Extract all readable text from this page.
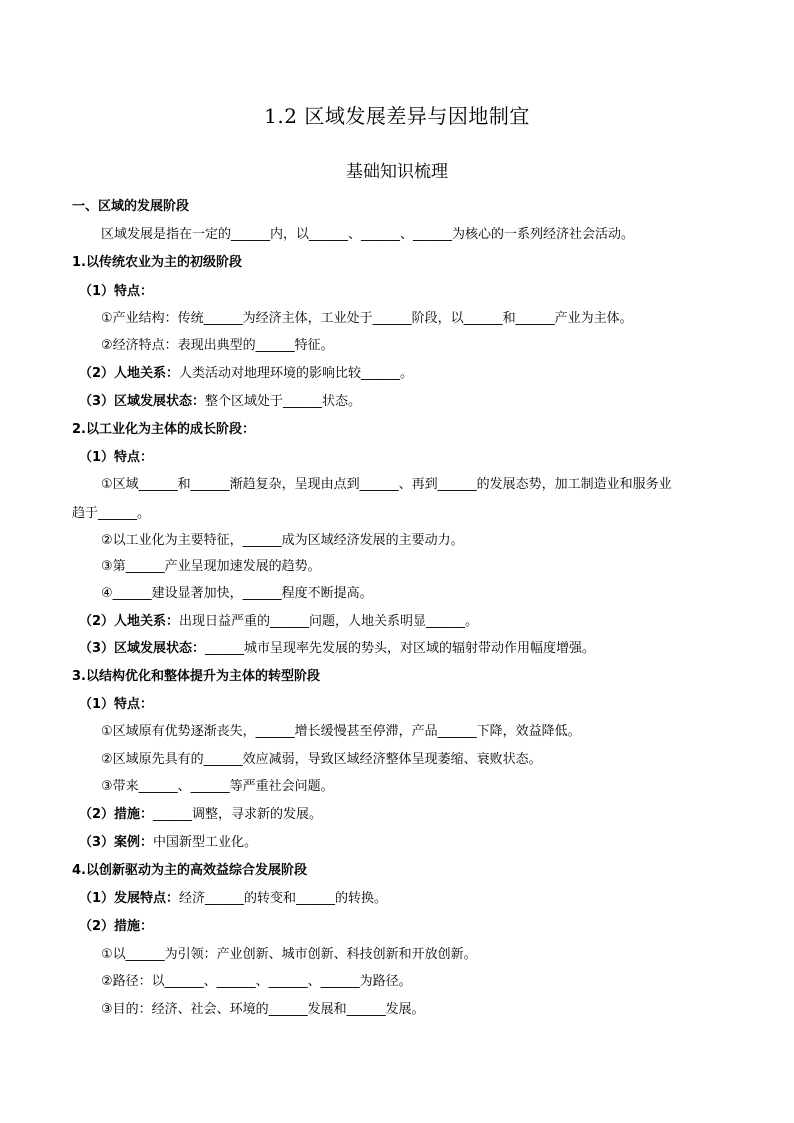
1.2 区域发展差异与因地制宜
基础知识梳理
一、区域的发展阶段
区域发展是指在一定的______内，以______、______、______为核心的一系列经济社会活动。
1.以传统农业为主的初级阶段
（1）特点：
①产业结构：传统______为经济主体，工业处于______阶段，以______和______产业为主体。
②经济特点：表现出典型的______特征。
（2）人地关系：人类活动对地理环境的影响比较______。
（3）区域发展状态：整个区域处于______状态。
2.以工业化为主体的成长阶段：
（1）特点：
①区域______和______渐趋复杂，呈现由点到______、再到______的发展态势，加工制造业和服务业
趋于______。
②以工业化为主要特征，______成为区域经济发展的主要动力。
③第______产业呈现加速发展的趋势。
④______建设显著加快，______程度不断提高。
（2）人地关系：出现日益严重的______问题，人地关系明显______。
（3）区域发展状态：______城市呈现率先发展的势头，对区域的辐射带动作用幅度增强。
3.以结构优化和整体提升为主体的转型阶段
（1）特点：
①区域原有优势逐渐丧失，______增长缓慢甚至停滞，产品______下降，效益降低。
②区域原先具有的______效应减弱，导致区域经济整体呈现萎缩、衰败状态。
③带来______、______等严重社会问题。
（2）措施：______调整，寻求新的发展。
（3）案例：中国新型工业化。
4.以创新驱动为主的高效益综合发展阶段
（1）发展特点：经济______的转变和______的转换。
（2）措施：
①以______为引领：产业创新、城市创新、科技创新和开放创新。
②路径：以______、______、______、______为路径。
③目的：经济、社会、环境的______发展和______发展。
